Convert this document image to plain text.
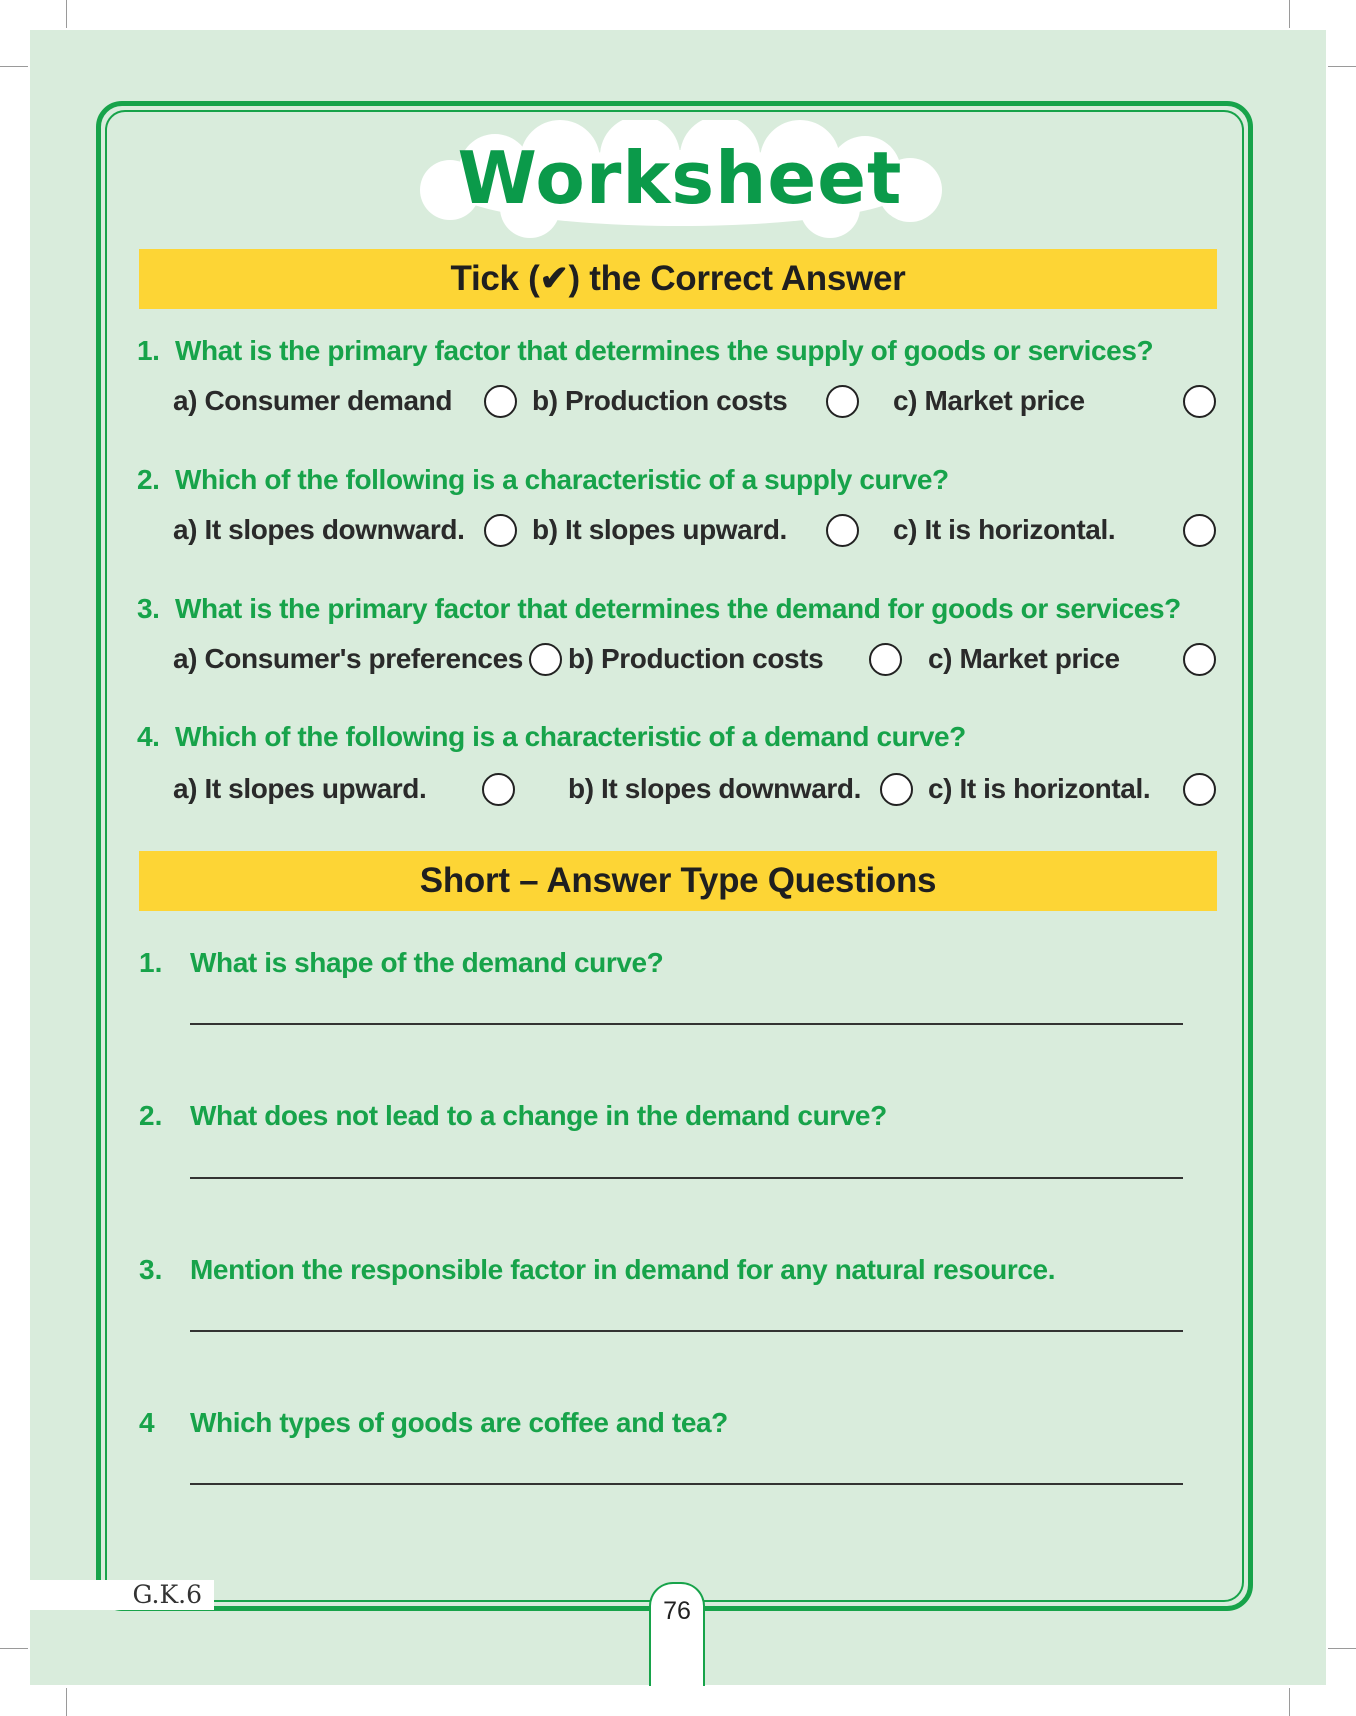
Worksheet
Tick (✔) the Correct Answer
1. What is the primary factor that determines the supply of goods or services?
a) Consumer demand	b) Production costs	c) Market price
2. Which of the following is a characteristic of a supply curve?
a) It slopes downward. b) It slopes upward.	c) It is horizontal.
3. What is the primary factor that determines the demand for goods or services?
a) Consumer's preferences b) Production costs	c) Market price
4. Which of the following is a characteristic of a demand curve?
a) It slopes upward.	b) It slopes downward. c) It is horizontal.
Short – Answer Type Questions
1. What is shape of the demand curve?
2. What does not lead to a change in the demand curve?
3. Mention the responsible factor in demand for any natural resource.
4 Which types of goods are coffee and tea?
G.K.6
76
